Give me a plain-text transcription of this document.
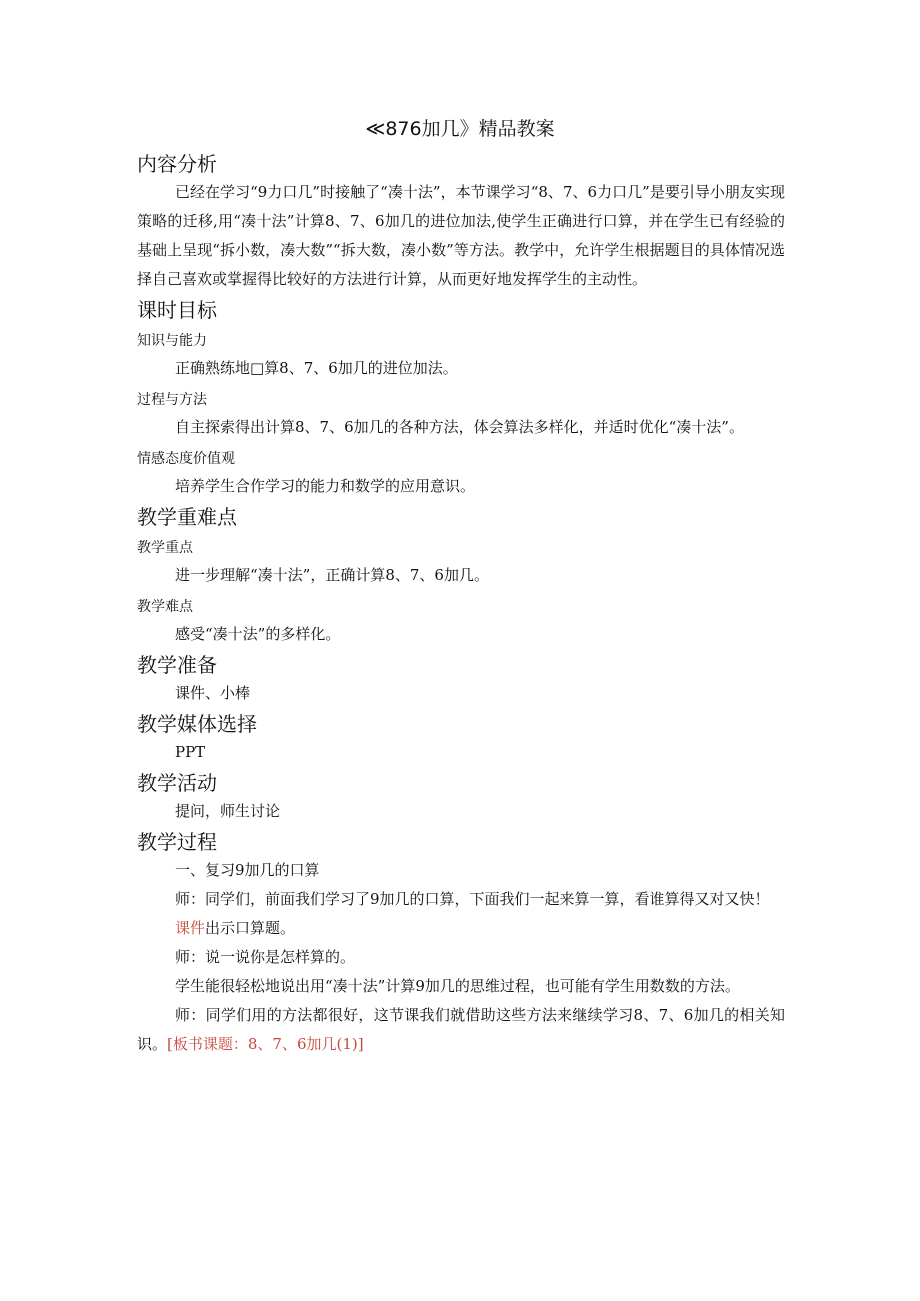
≪876加几》精品教案
内容分析

已经在学习“9力口几”时接触了“凑十法”，本节课学习“8、7、6力口几”是要引导小朋友实现策略的迁移,用“凑十法”计算8、7、6加几的进位加法,使学生正确进行口算，并在学生已有经验的基础上呈现“拆小数，凑大数”“拆大数，凑小数”等方法。教学中，允许学生根据题目的具体情况选择自己喜欢或掌握得比较好的方法进行计算，从而更好地发挥学生的主动性。

课时目标
知识与能力

正确熟练地□算8、7、6加几的进位加法。

过程与方法

自主探索得出计算8、7、6加几的各种方法，体会算法多样化，并适时优化“凑十法”。

情感态度价值观

培养学生合作学习的能力和数学的应用意识。

教学重难点
教学重点

进一步理解“凑十法”，正确计算8、7、6加几。

教学难点

感受“凑十法”的多样化。

教学准备

课件、小棒

教学媒体选择

PPT

教学活动

提问，师生讨论

教学过程

一、复习9加几的口算

师：同学们，前面我们学习了9加几的口算，下面我们一起来算一算，看谁算得又对又快！

课件出示口算题。

师：说一说你是怎样算的。

学生能很轻松地说出用“凑十法”计算9加几的思维过程，也可能有学生用数数的方法。

师：同学们用的方法都很好，这节课我们就借助这些方法来继续学习8、7、6加几的相关知识。[板书课题：8、7、6加几(1)]
